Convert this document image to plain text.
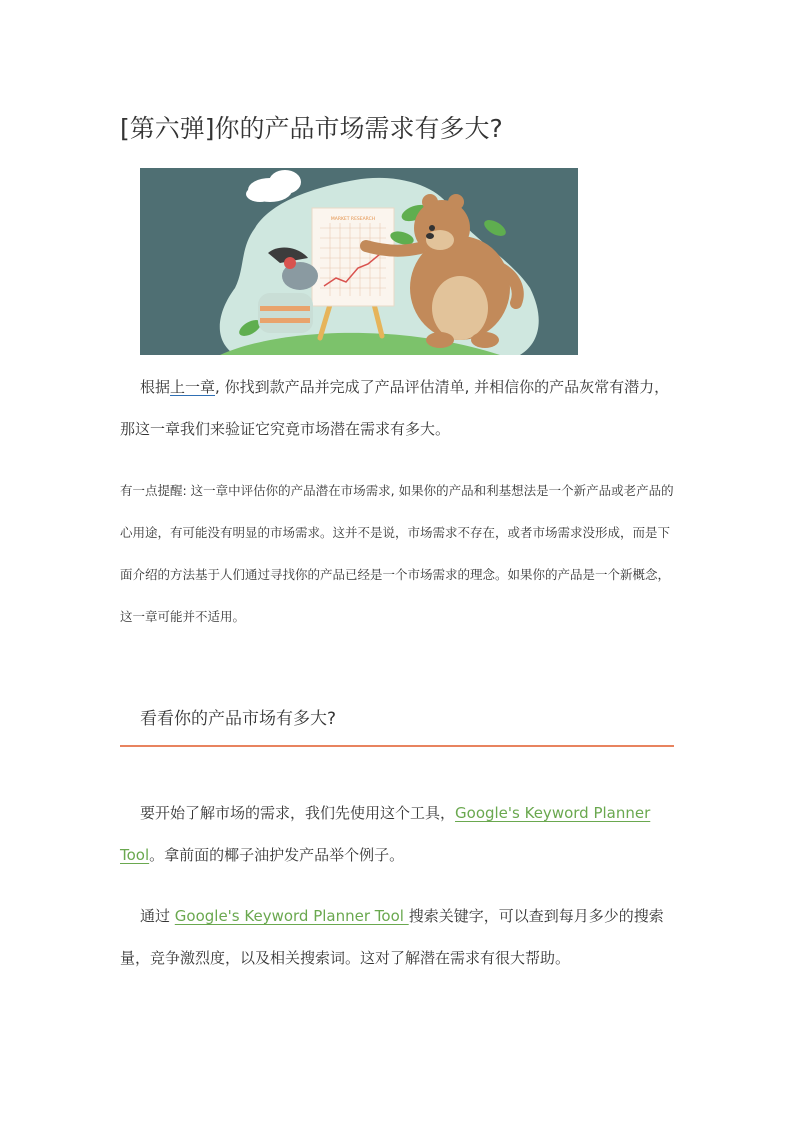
[第六弹]你的产品市场需求有多大?
MARKET RESEARCH

根据上一章, 你找到款产品并完成了产品评估清单, 并相信你的产品灰常有潜力，那这一章我们来验证它究竟市场潜在需求有多大。

有一点提醒: 这一章中评估你的产品潜在市场需求, 如果你的产品和利基想法是一个新产品或老产品的心用途，有可能没有明显的市场需求。这并不是说，市场需求不存在，或者市场需求没形成，而是下面介绍的方法基于人们通过寻找你的产品已经是一个市场需求的理念。如果你的产品是一个新概念，这一章可能并不适用。

看看你的产品市场有多大?

要开始了解市场的需求，我们先使用这个工具，Google's Keyword Planner Tool。拿前面的椰子油护发产品举个例子。

通过 Google's Keyword Planner Tool 搜索关键字，可以查到每月多少的搜索量，竞争激烈度，以及相关搜索词。这对了解潜在需求有很大帮助。
